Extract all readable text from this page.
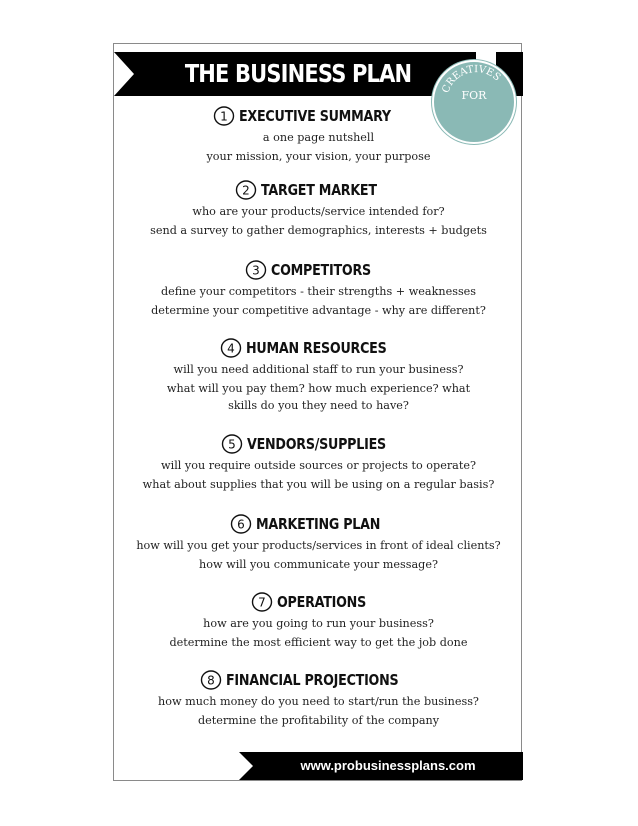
THE BUSINESS PLAN
FOR
CREATIVES
1 EXECUTIVE SUMMARY
a one page nutshell
your mission, your vision, your purpose
2 TARGET MARKET
who are your products/service intended for?
send a survey to gather demographics, interests + budgets
3 COMPETITORS
define your competitors - their strengths + weaknesses
determine your competitive advantage - why are different?
4 HUMAN RESOURCES
will you need additional staff to run your business?
what will you pay them? how much experience? what skills do you they need to have?
5 VENDORS/SUPPLIES
will you require outside sources or projects to operate?
what about supplies that you will be using on a regular basis?
6 MARKETING PLAN
how will you get your products/services in front of ideal clients?
how will you communicate your message?
7 OPERATIONS
how are you going to run your business?
determine the most efficient way to get the job done
8 FINANCIAL PROJECTIONS
how much money do you need to start/run the business?
determine the profitability of the company
www.probusinessplans.com
